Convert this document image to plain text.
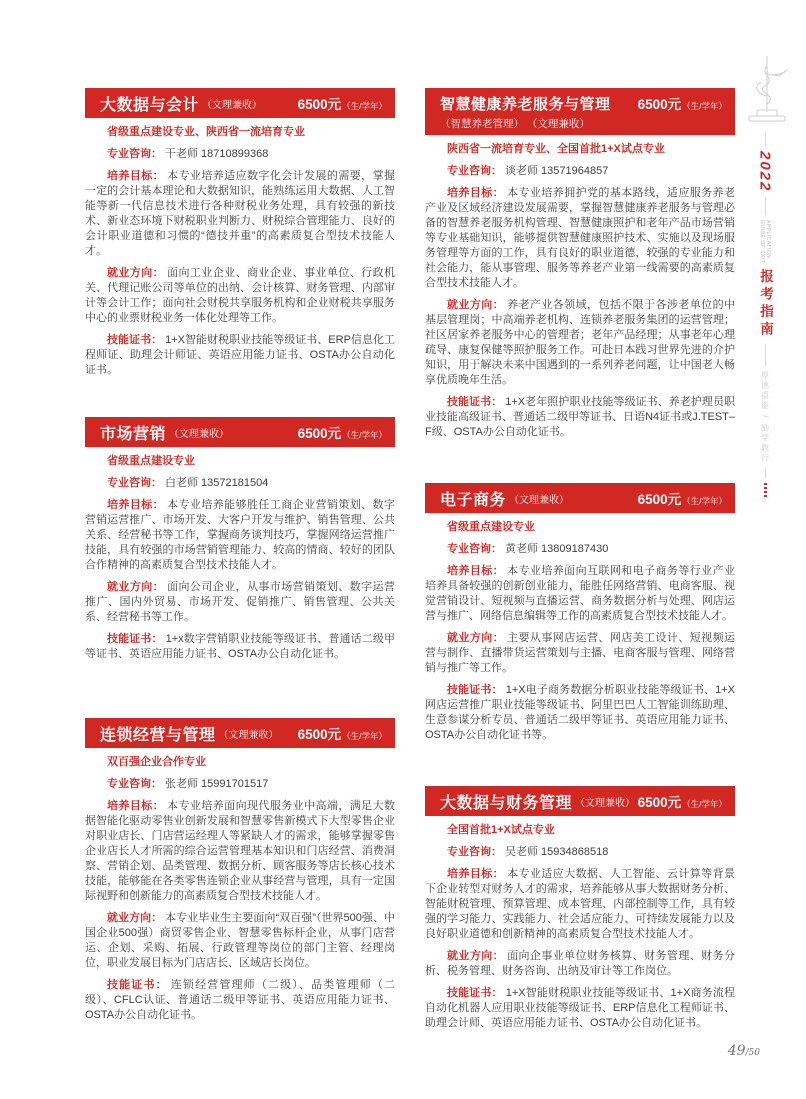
大数据与会计 （文理兼收）	6500元 （生/学年）

省级重点建设专业、陕西省一流培育专业

专业咨询： 干老师 18710899368

培养目标： 本专业培养适应数字化会计发展的需要，掌握一定的会计基本理论和大数据知识，能熟练运用大数据、人工智能等新一代信息技术进行各种财税业务处理，具有较强的新技术、新业态环境下财税职业判断力、财税综合管理能力、良好的会计职业道德和习惯的“德技并重”的高素质复合型技术技能人才。

就业方向： 面向工业企业、商业企业、事业单位、行政机关、代理记账公司等单位的出纳、会计核算、财务管理、内部审计等会计工作；面向社会财税共享服务机构和企业财税共享服务中心的业票财税业务一体化处理等工作。

技能证书： 1+X智能财税职业技能等级证书、ERP信息化工程师证、助理会计师证、英语应用能力证书、OSTA办公自动化证书。

市场营销 （文理兼收）	6500元 （生/学年）

省级重点建设专业

专业咨询： 白老师 13572181504

培养目标： 本专业培养能够胜任工商企业营销策划、数字营销运营推广、市场开发、大客户开发与维护、销售管理、公共关系、经营秘书等工作，掌握商务谈判技巧，掌握网络运营推广技能，具有较强的市场营销管理能力、较高的情商、较好的团队合作精神的高素质复合型技术技能人才。

就业方向： 面向公司企业，从事市场营销策划、数字运营推广、国内外贸易、市场开发、促销推广、销售管理、公共关系、经营秘书等工作。

技能证书： 1+x数字营销职业技能等级证书、普通话二级甲等证书、英语应用能力证书、OSTA办公自动化证书。

连锁经营与管理 （文理兼收） 6500元 （生/学年）

双百强企业合作专业

专业咨询： 张老师 15991701517

培养目标： 本专业培养面向现代服务业中高端，满足大数据智能化驱动零售业创新发展和智慧零售新模式下大型零售企业对职业店长、门店营运经理人等紧缺人才的需求，能够掌握零售企业店长人才所需的综合运营管理基本知识和门店经营、消费洞察、营销企划、品类管理、数据分析、顾客服务等店长核心技术技能，能够能在各类零售连锁企业从事经营与管理，具有一定国际视野和创新能力的高素质复合型技术技能人才。

就业方向： 本专业毕业生主要面向“双百强”（世界500强、中国企业500强）商贸零售企业、智慧零售标杆企业，从事门店营运、企划、采购、拓展、行政管理等岗位的部门主管、经理岗位，职业发展目标为门店店长、区域店长岗位。

技能证书： 连锁经营管理师（二级）、品类管理师（二级）、CFLC认证、普通话二级甲等证书、英语应用能力证书、OSTA办公自动化证书。

智慧健康养老服务与管理 6500元 （生/学年）
（智慧养老管理） （文理兼收）

陕西省一流培育专业、全国首批1+X试点专业

专业咨询： 谈老师 13571964857

培养目标： 本专业培养拥护党的基本路线，适应服务养老产业及区域经济建设发展需要，掌握智慧健康养老服务与管理必备的智慧养老服务机构管理、智慧健康照护和老年产品市场营销等专业基础知识，能够提供智慧健康照护技术、实施以及现场服务管理等方面的工作，具有良好的职业道德，较强的专业能力和社会能力，能从事管理、服务等养老产业第一线需要的高素质复合型技术技能人才。

就业方向： 养老产业各领域，包括不限于各涉老单位的中基层管理岗；中高端养老机构、连锁养老服务集团的运营管理；社区居家养老服务中心的管理者；老年产品经理；从事老年心理疏导、康复保健等照护服务工作。可赴日本践习世界先进的介护知识，用于解决未来中国遇到的一系列养老问题，让中国老人畅享优质晚年生活。

技能证书： 1+X老年照护职业技能等级证书、养老护理员职业技能高级证书、普通话二级甲等证书、日语N4证书或J.TEST–F级、OSTA办公自动化证书。

电子商务 （文理兼收）	6500元 （生/学年）

省级重点建设专业

专业咨询： 黄老师 13809187430

培养目标： 本专业培养面向互联网和电子商务等行业产业培养具备较强的创新创业能力，能胜任网络营销、电商客服、视觉营销设计、短视频与直播运营、商务数据分析与处理、网店运营与推广、网络信息编辑等工作的高素质复合型技术技能人才。

就业方向： 主要从事网店运营、网店美工设计、短视频运营与制作、直播带货运营策划与主播、电商客服与管理、网络营销与推广等工作。

技能证书： 1+X电子商务数据分析职业技能等级证书、1+X网店运营推广职业技能等级证书、阿里巴巴人工智能训练助理、生意参谋分析专员、普通话二级甲等证书、英语应用能力证书、OSTA办公自动化证书等。

大数据与财务管理 （文理兼收） 6500元 （生/学年）

全国首批1+X试点专业

专业咨询： 吴老师 15934868518

培养目标： 本专业适应大数据、人工智能、云计算等背景下企业转型对财务人才的需求，培养能够从事大数据财务分析、智能财税管理、预算管理、成本管理、内部控制等工作，具有较强的学习能力、实践能力、社会适应能力、可持续发展能力以及良好职业道德和创新精神的高素质复合型技术技能人才。

就业方向： 面向企事业单位财务核算、财务管理、财务分析、税务管理、财务咨询、出纳及审计等工作岗位。

技能证书： 1+X智能财税职业技能等级证书、1+X商务流程自动化机器人应用职业技能等级证书、ERP信息化工程师证书、助理会计师、英语应用能力证书、OSTA办公自动化证书。

2022
APPLICATION
GUIDE OF SXIT
报考指南
厚德重能 / 励学敦行
49/50
